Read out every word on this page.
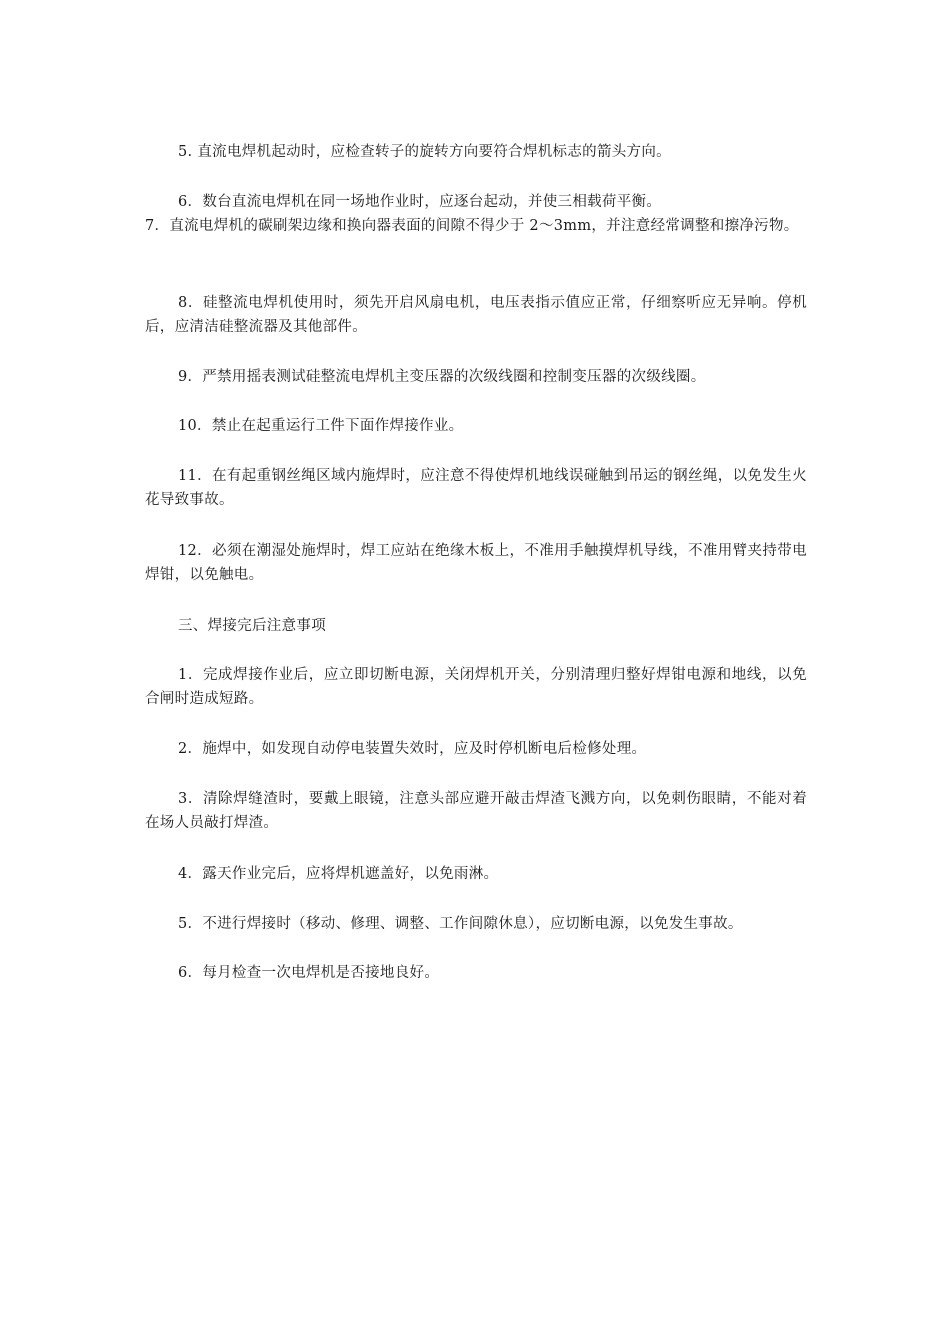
5. 直流电焊机起动时，应检查转子的旋转方向要符合焊机标志的箭头方向。

6．数台直流电焊机在同一场地作业时，应逐台起动，并使三相载荷平衡。

7．直流电焊机的碳刷架边缘和换向器表面的间隙不得少于 2～3mm，并注意经常调整和擦净污物。

8．硅整流电焊机使用时，须先开启风扇电机，电压表指示值应正常，仔细察听应无异响。停机后，应清洁硅整流器及其他部件。

9．严禁用摇表测试硅整流电焊机主变压器的次级线圈和控制变压器的次级线圈。

10．禁止在起重运行工件下面作焊接作业。

11．在有起重钢丝绳区域内施焊时，应注意不得使焊机地线误碰触到吊运的钢丝绳，以免发生火花导致事故。

12．必须在潮湿处施焊时，焊工应站在绝缘木板上，不准用手触摸焊机导线，不准用臂夹持带电焊钳，以免触电。

三、焊接完后注意事项

1．完成焊接作业后，应立即切断电源，关闭焊机开关，分别清理归整好焊钳电源和地线，以免合闸时造成短路。

2．施焊中，如发现自动停电装置失效时，应及时停机断电后检修处理。

3．清除焊缝渣时，要戴上眼镜，注意头部应避开敲击焊渣飞溅方向，以免刺伤眼睛，不能对着在场人员敲打焊渣。

4．露天作业完后，应将焊机遮盖好，以免雨淋。

5．不进行焊接时（移动、修理、调整、工作间隙休息），应切断电源，以免发生事故。

6．每月检查一次电焊机是否接地良好。
